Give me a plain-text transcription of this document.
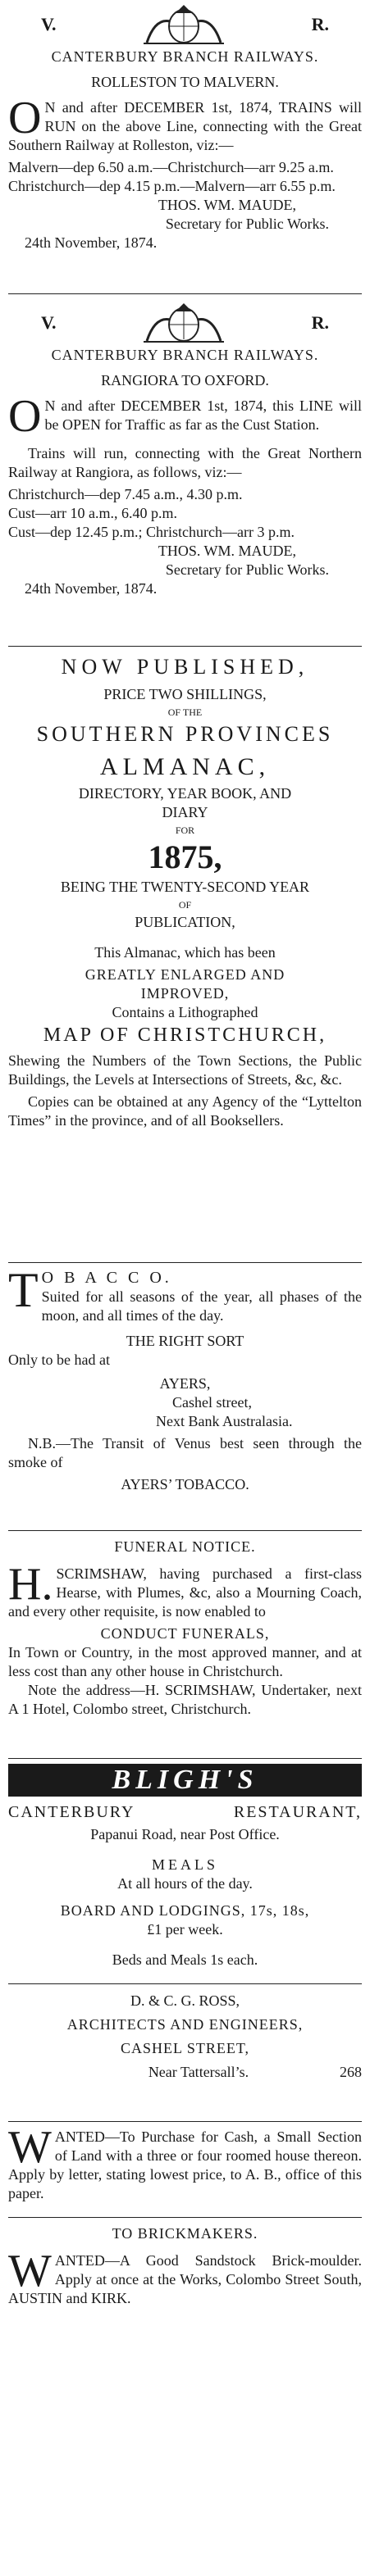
V.	R.
CANTERBURY BRANCH RAILWAYS.
ROLLESTON TO MALVERN.
O N and after DECEMBER 1st, 1874, TRAINS will RUN on the above Line, connecting with the Great Southern Railway at Rolleston, viz:—
Malvern—dep 6.50 a.m.—Christchurch—arr 9.25 a.m.
Christchurch—dep 4.15 p.m.—Malvern—arr 6.55 p.m.
THOS. WM. MAUDE,
Secretary for Public Works.
24th November, 1874.
V.	R.
CANTERBURY BRANCH RAILWAYS.
RANGIORA TO OXFORD.
O N and after DECEMBER 1st, 1874, this LINE will be OPEN for Traffic as far as the Cust Station.
Trains will run, connecting with the Great Northern Railway at Rangiora, as follows, viz:—
Christchurch—dep 7.45 a.m., 4.30 p.m.
Cust—arr 10 a.m., 6.40 p.m.
Cust—dep 12.45 p.m.; Christchurch—arr 3 p.m.
THOS. WM. MAUDE,
Secretary for Public Works.
24th November, 1874.
NOW PUBLISHED,
PRICE TWO SHILLINGS,
OF THE
SOUTHERN PROVINCES
ALMANAC,
DIRECTORY, YEAR BOOK, AND
DIARY
FOR
1875,
BEING THE TWENTY-SECOND YEAR
OF
PUBLICATION,
This Almanac, which has been
GREATLY ENLARGED AND
IMPROVED,
Contains a Lithographed
MAP OF CHRISTCHURCH,
Shewing the Numbers of the Town Sections, the Public Buildings, the Levels at Intersections of Streets, &c, &c.
Copies can be obtained at any Agency of the “Lyttelton Times” in the province, and of all Booksellers.
T O B A C C O.
Suited for all seasons of the year, all phases of the moon, and all times of the day.
THE RIGHT SORT
Only to be had at
AYERS,
Cashel street,
Next Bank Australasia.
N.B.—The Transit of Venus best seen through the smoke of
AYERS’ TOBACCO.
FUNERAL NOTICE.
H. SCRIMSHAW, having purchased a first-class Hearse, with Plumes, &c, also a Mourning Coach, and every other requisite, is now enabled to
CONDUCT FUNERALS,
In Town or Country, in the most approved manner, and at less cost than any other house in Christchurch.
Note the address—H. SCRIMSHAW, Undertaker, next A 1 Hotel, Colombo street, Christchurch.
BLIGH'S
CANTERBURY	RESTAURANT,
Papanui Road, near Post Office.
MEALS
At all hours of the day.
BOARD AND LODGINGS, 17s, 18s,
£1 per week.
Beds and Meals 1s each.
D. & C. G. ROSS,
ARCHITECTS AND ENGINEERS,
CASHEL STREET,
Near Tattersall’s.	268
WANTED—To Purchase for Cash, a Small Section of Land with a three or four roomed house thereon. Apply by letter, stating lowest price, to A. B., office of this paper.
TO BRICKMAKERS.
WANTED—A Good Sandstock Brick-moulder. Apply at once at the Works, Colombo Street South, AUSTIN and KIRK.
